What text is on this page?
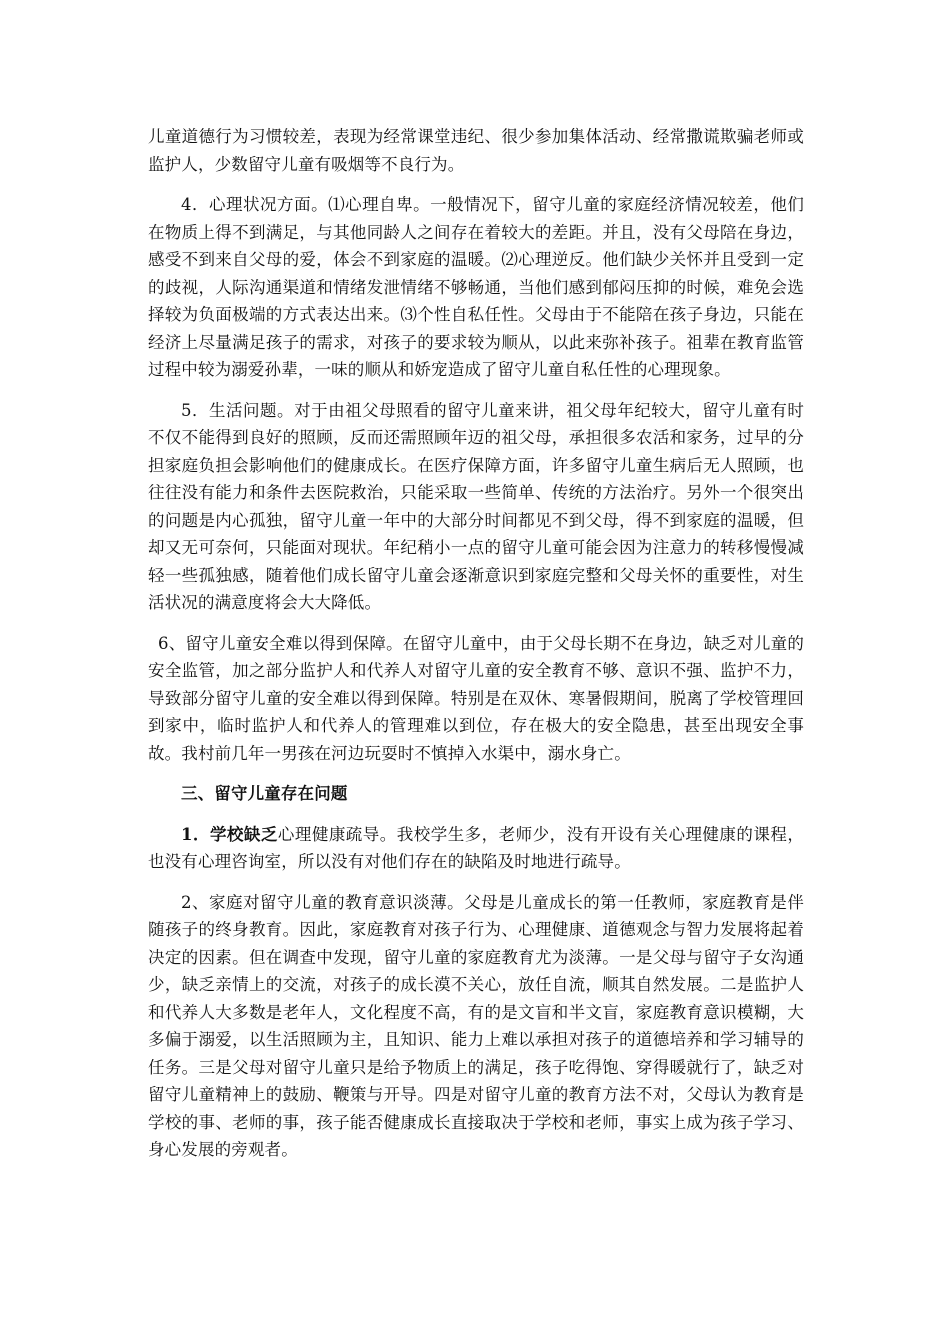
儿童道德行为习惯较差，表现为经常课堂违纪、很少参加集体活动、经常撒谎欺骗老师或监护人，少数留守儿童有吸烟等不良行为。

4．心理状况方面。⑴心理自卑。一般情况下，留守儿童的家庭经济情况较差，他们在物质上得不到满足，与其他同龄人之间存在着较大的差距。并且，没有父母陪在身边，感受不到来自父母的爱，体会不到家庭的温暖。⑵心理逆反。他们缺少关怀并且受到一定的歧视，人际沟通渠道和情绪发泄情绪不够畅通，当他们感到郁闷压抑的时候，难免会选择较为负面极端的方式表达出来。⑶个性自私任性。父母由于不能陪在孩子身边，只能在经济上尽量满足孩子的需求，对孩子的要求较为顺从，以此来弥补孩子。祖辈在教育监管过程中较为溺爱孙辈，一味的顺从和娇宠造成了留守儿童自私任性的心理现象。

5．生活问题。对于由祖父母照看的留守儿童来讲，祖父母年纪较大，留守儿童有时不仅不能得到良好的照顾，反而还需照顾年迈的祖父母，承担很多农活和家务，过早的分担家庭负担会影响他们的健康成长。在医疗保障方面，许多留守儿童生病后无人照顾，也往往没有能力和条件去医院救治，只能采取一些简单、传统的方法治疗。另外一个很突出的问题是内心孤独，留守儿童一年中的大部分时间都见不到父母，得不到家庭的温暖，但却又无可奈何，只能面对现状。年纪稍小一点的留守儿童可能会因为注意力的转移慢慢减轻一些孤独感，随着他们成长留守儿童会逐渐意识到家庭完整和父母关怀的重要性，对生活状况的满意度将会大大降低。

6、留守儿童安全难以得到保障。在留守儿童中，由于父母长期不在身边，缺乏对儿童的安全监管，加之部分监护人和代养人对留守儿童的安全教育不够、意识不强、监护不力，导致部分留守儿童的安全难以得到保障。特别是在双休、寒暑假期间，脱离了学校管理回到家中，临时监护人和代养人的管理难以到位，存在极大的安全隐患，甚至出现安全事故。我村前几年一男孩在河边玩耍时不慎掉入水渠中，溺水身亡。

三、留守儿童存在问题

1．学校缺乏心理健康疏导。我校学生多，老师少，没有开设有关心理健康的课程，也没有心理咨询室，所以没有对他们存在的缺陷及时地进行疏导。

2、家庭对留守儿童的教育意识淡薄。父母是儿童成长的第一任教师，家庭教育是伴随孩子的终身教育。因此，家庭教育对孩子行为、心理健康、道德观念与智力发展将起着决定的因素。但在调查中发现，留守儿童的家庭教育尤为淡薄。一是父母与留守子女沟通少，缺乏亲情上的交流，对孩子的成长漠不关心，放任自流，顺其自然发展。二是监护人和代养人大多数是老年人，文化程度不高，有的是文盲和半文盲，家庭教育意识模糊，大多偏于溺爱，以生活照顾为主，且知识、能力上难以承担对孩子的道德培养和学习辅导的任务。三是父母对留守儿童只是给予物质上的满足，孩子吃得饱、穿得暖就行了，缺乏对留守儿童精神上的鼓励、鞭策与开导。四是对留守儿童的教育方法不对，父母认为教育是学校的事、老师的事，孩子能否健康成长直接取决于学校和老师，事实上成为孩子学习、身心发展的旁观者。
